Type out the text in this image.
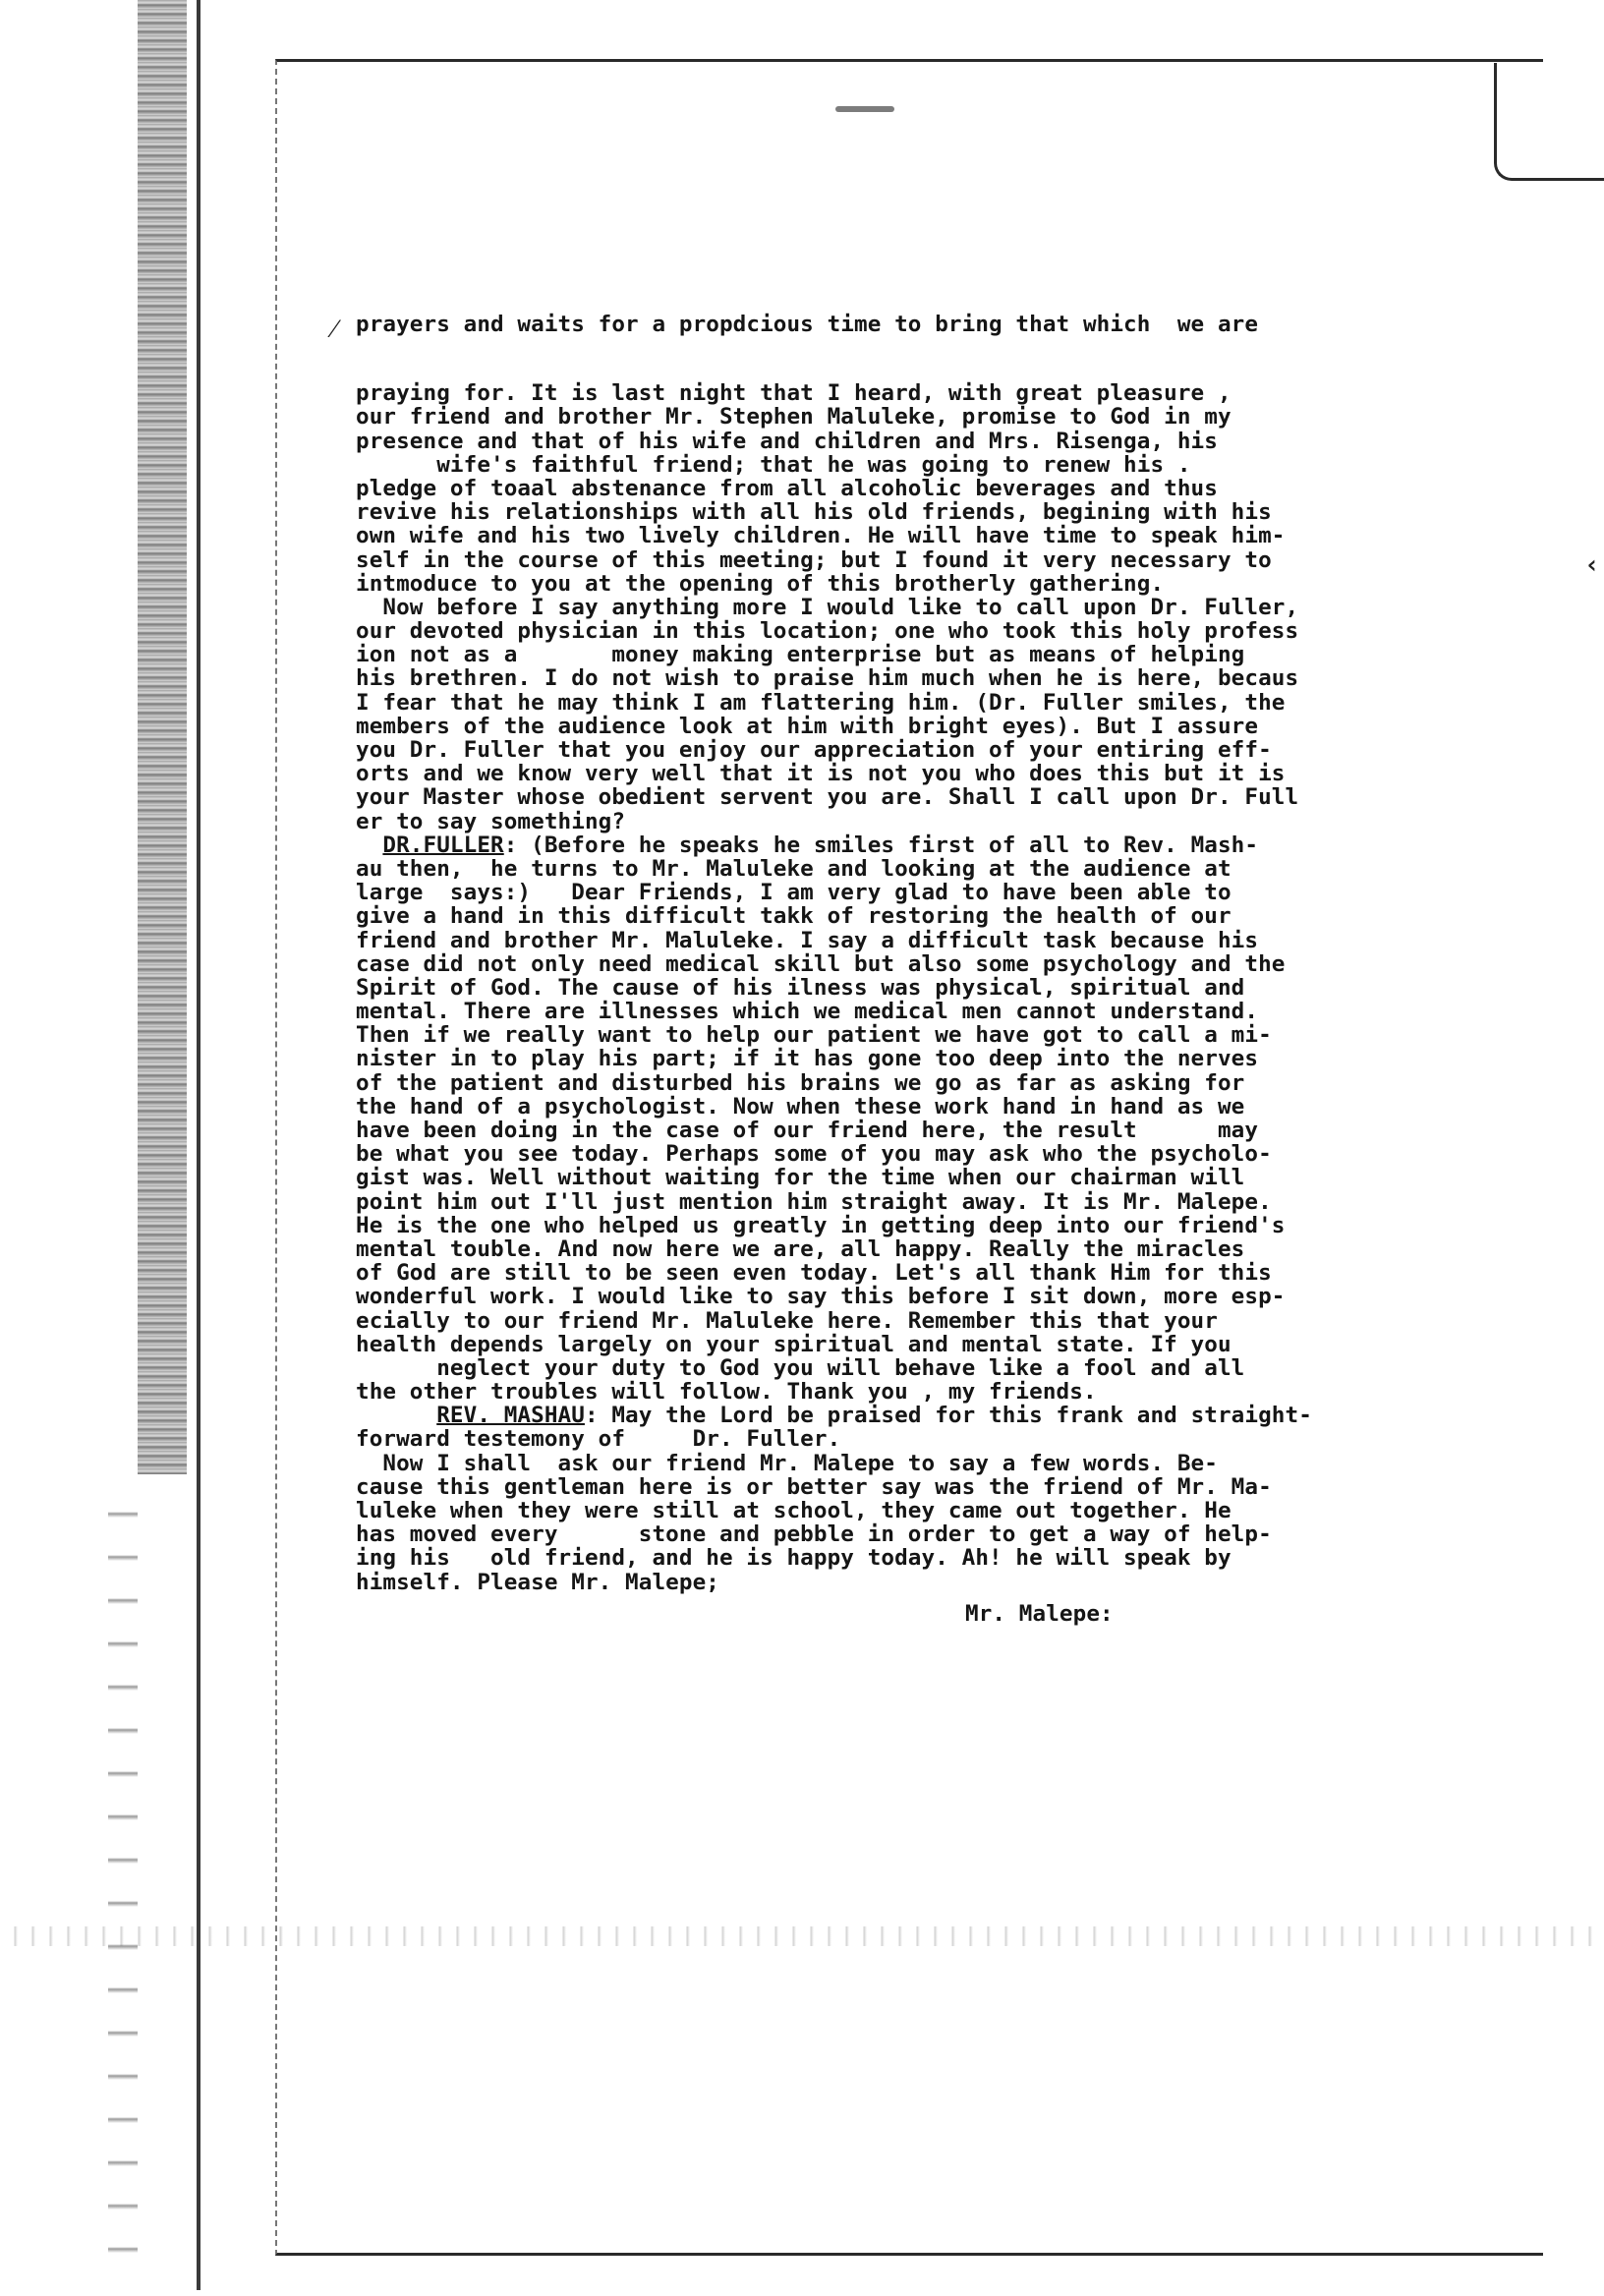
‹
⁄ prayers and waits for a propdcious time to bring that which  we are
praying for. It is last night that I heard, with great pleasure ,
our friend and brother Mr. Stephen Maluleke, promise to God in my
presence and that of his wife and children and Mrs. Risenga, his
wife's faithful friend; that he was going to renew his .
pledge of toaal abstenance from all alcoholic beverages and thus
revive his relationships with all his old friends, begining with his
own wife and his two lively children. He will have time to speak him-
self in the course of this meeting; but I found it very necessary to
intmoduce to you at the opening of this brotherly gathering.
Now before I say anything more I would like to call upon Dr. Fuller,
our devoted physician in this location; one who took this holy profess
ion not as a       money making enterprise but as means of helping
his brethren. I do not wish to praise him much when he is here, becaus
I fear that he may think I am flattering him. (Dr. Fuller smiles, the
members of the audience look at him with bright eyes). But I assure
you Dr. Fuller that you enjoy our appreciation of your entiring eff-
orts and we know very well that it is not you who does this but it is
your Master whose obedient servent you are. Shall I call upon Dr. Full
er to say something?
DR.FULLER: (Before he speaks he smiles first of all to Rev. Mash-
au then,  he turns to Mr. Maluleke and looking at the audience at
large  says:)   Dear Friends, I am very glad to have been able to
give a hand in this difficult takk of restoring the health of our
friend and brother Mr. Maluleke. I say a difficult task because his
case did not only need medical skill but also some psychology and the
Spirit of God. The cause of his ilness was physical, spiritual and
mental. There are illnesses which we medical men cannot understand.
Then if we really want to help our patient we have got to call a mi-
nister in to play his part; if it has gone too deep into the nerves
of the patient and disturbed his brains we go as far as asking for
the hand of a psychologist. Now when these work hand in hand as we
have been doing in the case of our friend here, the result      may
be what you see today. Perhaps some of you may ask who the psycholo-
gist was. Well without waiting for the time when our chairman will
point him out I'll just mention him straight away. It is Mr. Malepe.
He is the one who helped us greatly in getting deep into our friend's
mental touble. And now here we are, all happy. Really the miracles
of God are still to be seen even today. Let's all thank Him for this
wonderful work. I would like to say this before I sit down, more esp-
ecially to our friend Mr. Maluleke here. Remember this that your
health depends largely on your spiritual and mental state. If you
neglect your duty to God you will behave like a fool and all
the other troubles will follow. Thank you , my friends.
REV. MASHAU: May the Lord be praised for this frank and straight-
forward testemony of     Dr. Fuller.
Now I shall  ask our friend Mr. Malepe to say a few words. Be-
cause this gentleman here is or better say was the friend of Mr. Ma-
luleke when they were still at school, they came out together. He
has moved every      stone and pebble in order to get a way of help-
ing his   old friend, and he is happy today. Ah! he will speak by
himself. Please Mr. Malepe;
Mr. Malepe:
